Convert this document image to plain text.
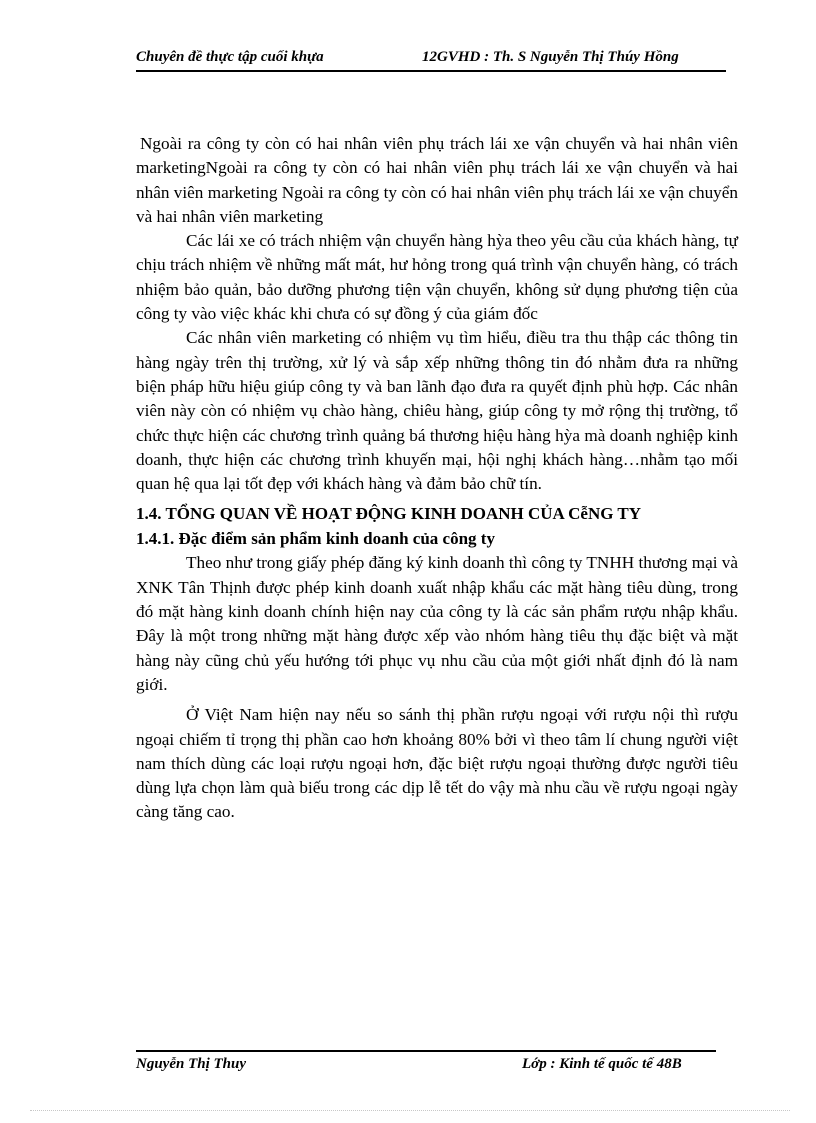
Chuyên đề thực tập cuối khựa	12GVHD : Th. S Nguyễn Thị Thúy Hồng

Ngoài ra công ty còn có hai nhân viên phụ trách lái xe vận chuyển và hai nhân viên marketingNgoài ra công ty còn có hai nhân viên phụ trách lái xe vận chuyển và hai nhân viên marketing Ngoài ra công ty còn có hai nhân viên phụ trách lái xe vận chuyển và hai nhân viên marketing

Các lái xe có trách nhiệm vận chuyển hàng hỳa theo yêu cầu của khách hàng, tự chịu trách nhiệm về những mất mát, hư hỏng trong quá trình vận chuyển hàng, có trách nhiệm bảo quản, bảo dưỡng phương tiện vận chuyển, không sử dụng phương tiện của công ty vào việc khác khi chưa có sự đồng ý của giám đốc

Các nhân viên marketing có nhiệm vụ tìm hiểu, điều tra thu thập các thông tin hàng ngày trên thị trường, xử lý và sắp xếp những thông tin đó nhằm đưa ra những biện pháp hữu hiệu giúp công ty và ban lãnh đạo đưa ra quyết định phù hợp. Các nhân viên này còn có nhiệm vụ chào hàng, chiêu hàng, giúp công ty mở rộng thị trường, tổ chức thực hiện các chương trình quảng bá thương hiệu hàng hỳa mà doanh nghiệp kinh doanh, thực hiện các chương trình khuyến mại, hội nghị khách hàng…nhằm tạo mối quan hệ qua lại tốt đẹp với khách hàng và đảm bảo chữ tín.

1.4. TỔNG QUAN VỀ HOẠT ĐỘNG KINH DOANH CỦA CễNG TY

1.4.1. Đặc điểm sản phẩm kinh doanh của công ty

Theo như trong giấy phép đăng ký kinh doanh thì công ty TNHH thương mại và XNK Tân Thịnh được phép kinh doanh xuất nhập khẩu các mặt hàng tiêu dùng, trong đó mặt hàng kinh doanh chính hiện nay của công ty là các sản phẩm rượu nhập khẩu. Đây là một trong những mặt hàng được xếp vào nhóm hàng tiêu thụ đặc biệt và mặt hàng này cũng chủ yếu hướng tới phục vụ nhu cầu của một giới nhất định đó là nam giới.

Ở Việt Nam hiện nay nếu so sánh thị phần rượu ngoại với rượu nội thì rượu ngoại chiếm tỉ trọng thị phần cao hơn khoảng 80% bởi vì theo tâm lí chung người việt nam thích dùng các loại rượu ngoại hơn, đặc biệt rượu ngoại thường được người tiêu dùng lựa chọn làm quà biếu trong các dịp lễ tết do vậy mà nhu cầu về rượu ngoại ngày càng tăng cao.

Nguyễn Thị Thuy	Lớp : Kinh tế quốc tế 48B
